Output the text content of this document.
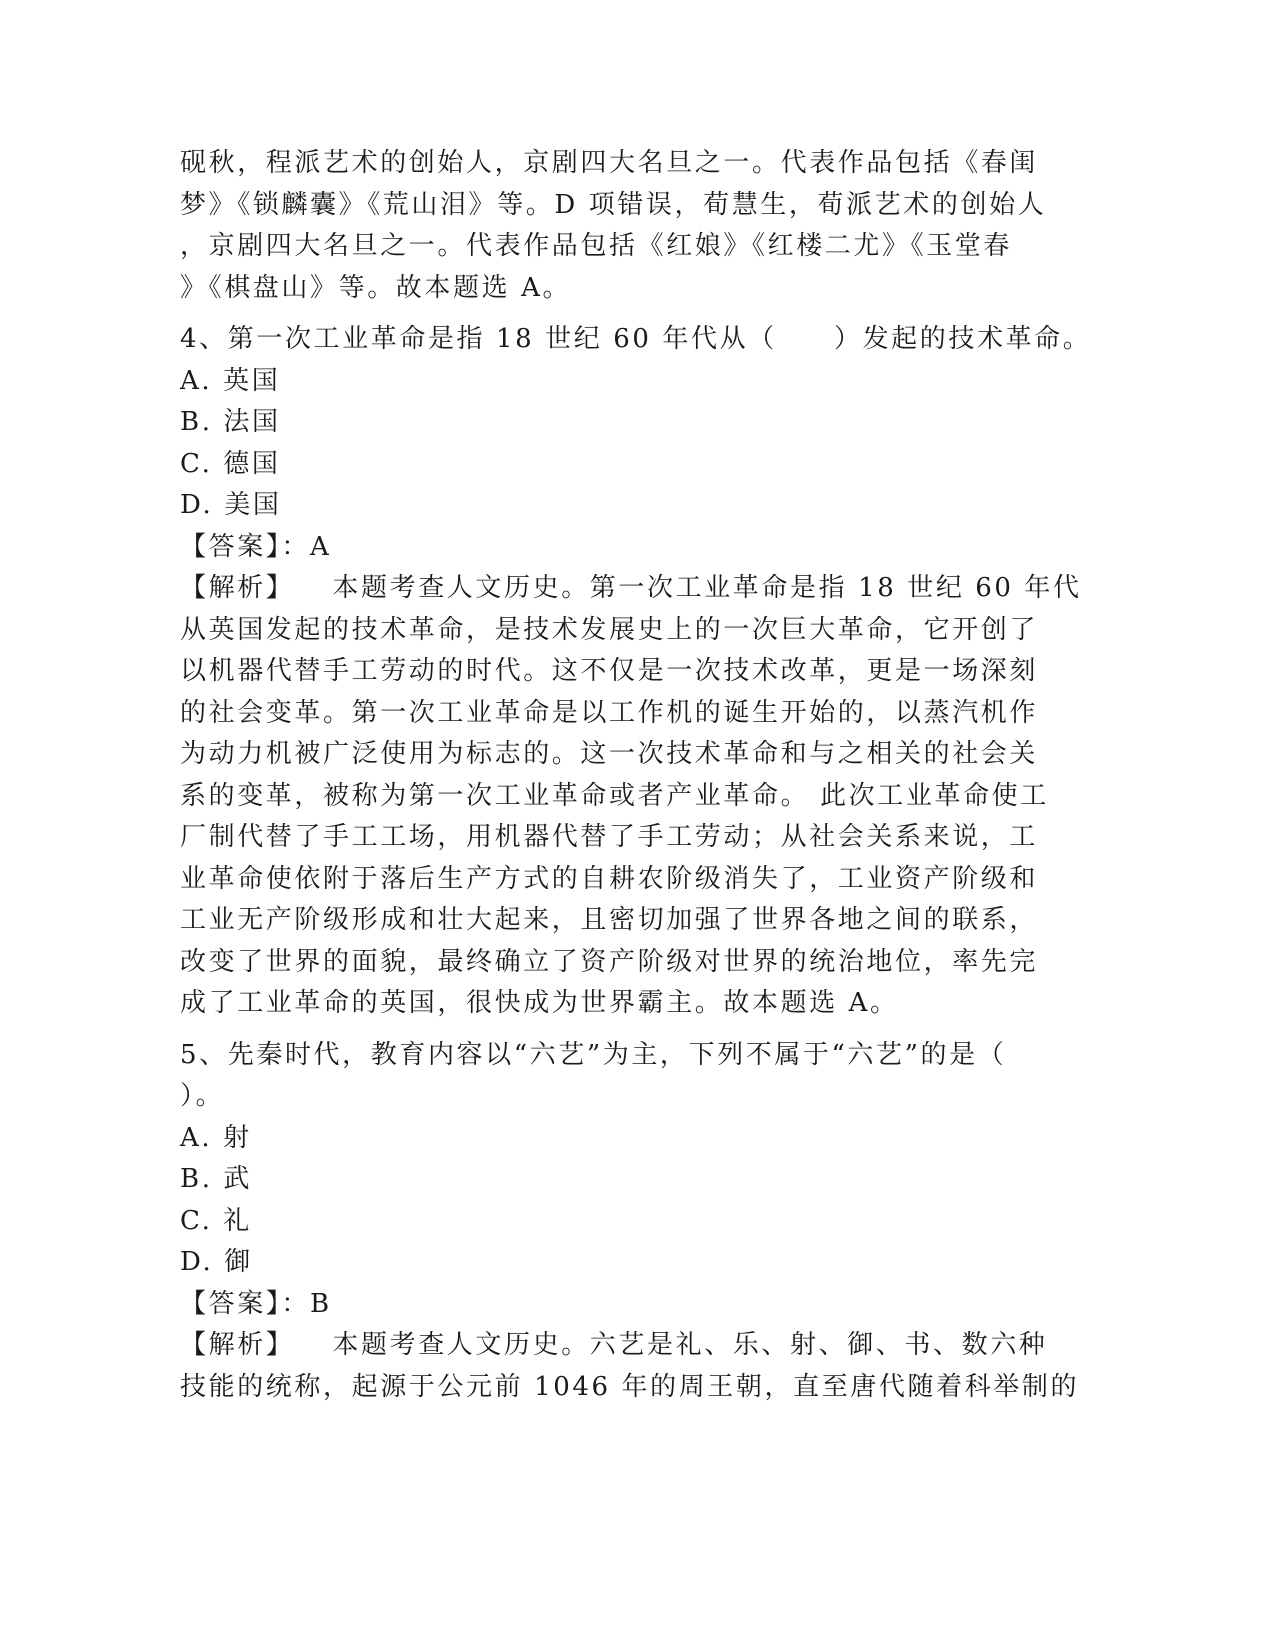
砚秋，程派艺术的创始人，京剧四大名旦之一。代表作品包括《春闺
梦》《锁麟囊》《荒山泪》等。D 项错误，荀慧生，荀派艺术的创始人
，京剧四大名旦之一。代表作品包括《红娘》《红楼二尤》《玉堂春
》《棋盘山》等。故本题选 A。
4、第一次工业革命是指 18 世纪 60 年代从（　　）发起的技术革命。
A. 英国
B. 法国
C. 德国
D. 美国
【答案】：A
【解析】 本题考查人文历史。第一次工业革命是指 18 世纪 60 年代
从英国发起的技术革命，是技术发展史上的一次巨大革命，它开创了
以机器代替手工劳动的时代。这不仅是一次技术改革，更是一场深刻
的社会变革。第一次工业革命是以工作机的诞生开始的，以蒸汽机作
为动力机被广泛使用为标志的。这一次技术革命和与之相关的社会关
系的变革，被称为第一次工业革命或者产业革命。 此次工业革命使工
厂制代替了手工工场，用机器代替了手工劳动；从社会关系来说，工
业革命使依附于落后生产方式的自耕农阶级消失了，工业资产阶级和
工业无产阶级形成和壮大起来，且密切加强了世界各地之间的联系，
改变了世界的面貌，最终确立了资产阶级对世界的统治地位，率先完
成了工业革命的英国，很快成为世界霸主。故本题选 A。
5、先秦时代，教育内容以“六艺”为主，下列不属于“六艺”的是（
）。
A. 射
B. 武
C. 礼
D. 御
【答案】：B
【解析】 本题考查人文历史。六艺是礼、乐、射、御、书、数六种
技能的统称，起源于公元前 1046 年的周王朝，直至唐代随着科举制的
